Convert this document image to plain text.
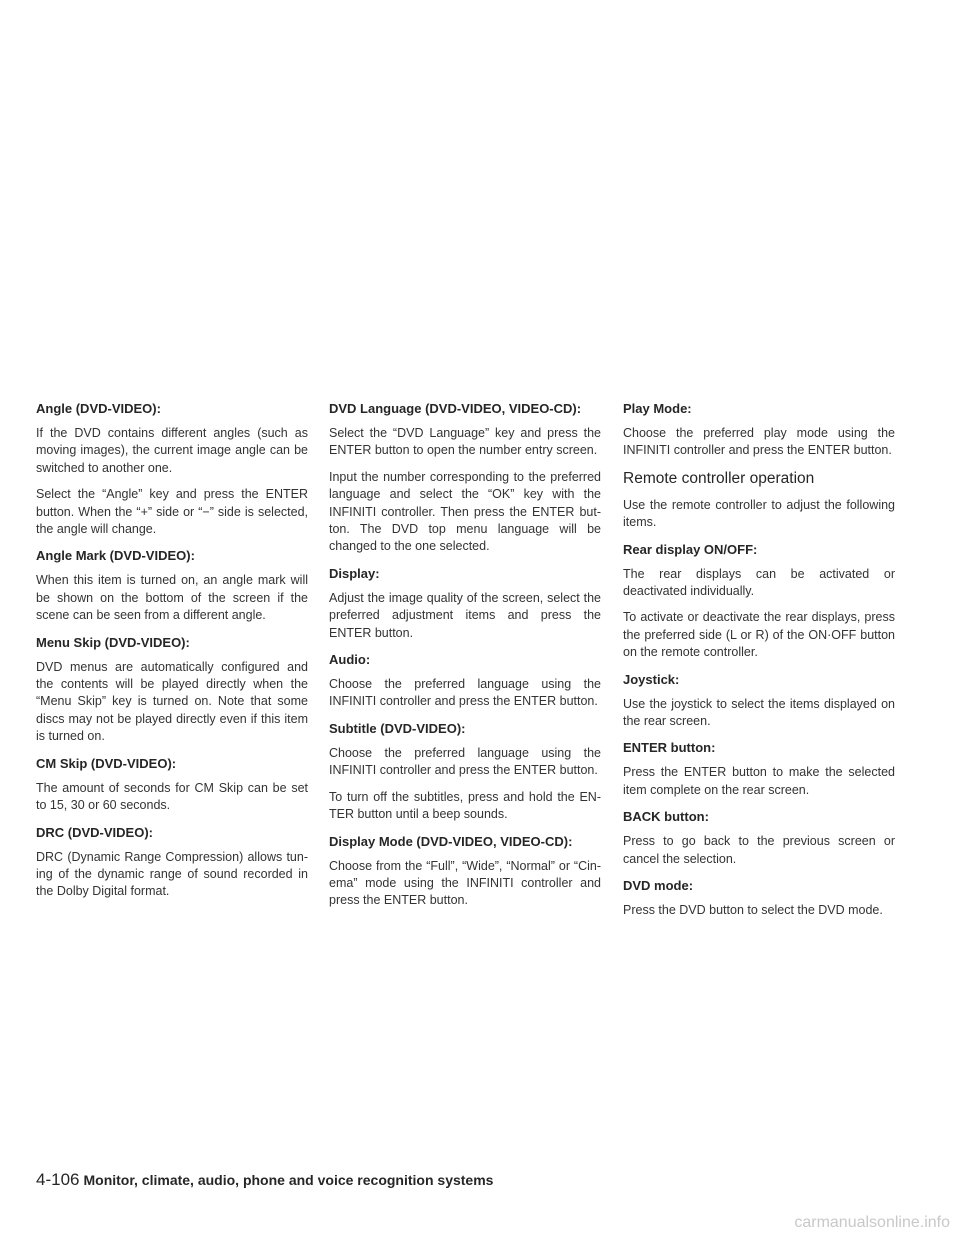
Angle (DVD-VIDEO):
If the DVD contains different angles (such as moving images), the current image angle can be switched to another one.
Select the “Angle” key and press the ENTER button. When the “+” side or “−” side is selected, the angle will change.
Angle Mark (DVD-VIDEO):
When this item is turned on, an angle mark will be shown on the bottom of the screen if the scene can be seen from a different angle.
Menu Skip (DVD-VIDEO):
DVD menus are automatically configured and the contents will be played directly when the “Menu Skip” key is turned on. Note that some discs may not be played directly even if this item is turned on.
CM Skip (DVD-VIDEO):
The amount of seconds for CM Skip can be set to 15, 30 or 60 seconds.
DRC (DVD-VIDEO):
DRC (Dynamic Range Compression) allows tun-ing of the dynamic range of sound recorded in the Dolby Digital format.
DVD Language (DVD-VIDEO, VIDEO-CD):
Select the “DVD Language” key and press the ENTER button to open the number entry screen.
Input the number corresponding to the preferred language and select the “OK” key with the INFINITI controller. Then press the ENTER but-ton. The DVD top menu language will be changed to the one selected.
Display:
Adjust the image quality of the screen, select the preferred adjustment items and press the ENTER button.
Audio:
Choose the preferred language using the INFINITI controller and press the ENTER button.
Subtitle (DVD-VIDEO):
Choose the preferred language using the INFINITI controller and press the ENTER button.
To turn off the subtitles, press and hold the EN-TER button until a beep sounds.
Display Mode (DVD-VIDEO, VIDEO-CD):
Choose from the “Full”, “Wide”, “Normal” or “Cin-ema” mode using the INFINITI controller and press the ENTER button.
Play Mode:
Choose the preferred play mode using the INFINITI controller and press the ENTER button.
Remote controller operation
Use the remote controller to adjust the following items.
Rear display ON/OFF:
The rear displays can be activated or deactivated individually.
To activate or deactivate the rear displays, press the preferred side (L or R) of the ON·OFF button on the remote controller.
Joystick:
Use the joystick to select the items displayed on the rear screen.
ENTER button:
Press the ENTER button to make the selected item complete on the rear screen.
BACK button:
Press to go back to the previous screen or cancel the selection.
DVD mode:
Press the DVD button to select the DVD mode.
4-106 Monitor, climate, audio, phone and voice recognition systems
carmanualsonline.info
